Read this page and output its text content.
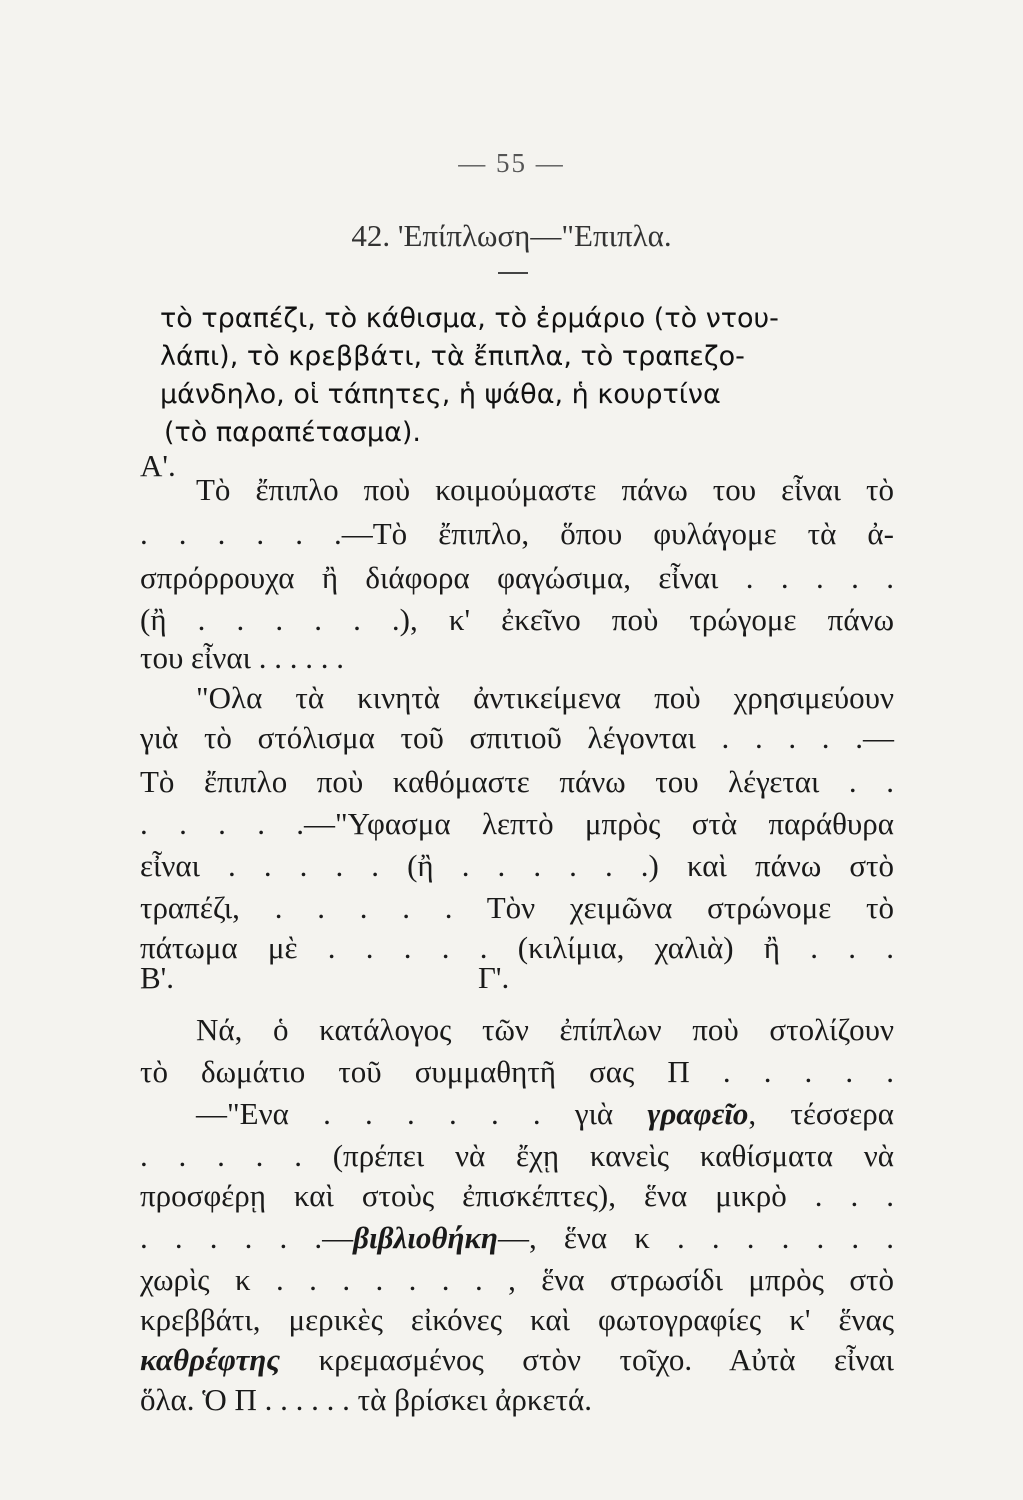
— 55 —
42. 'Επίπλωση—"Επιπλα.
τὸ τραπέζι, τὸ κάθισμα, τὸ ἐρμάριο (τὸ ντου-
λάπι), τὸ κρεββάτι, τὰ ἔπιπλα, τὸ τραπεζο-
μάνδηλο, οἱ τάπητες, ἡ ψάθα, ἡ κουρτίνα
(τὸ παραπέτασμα).
Α'.
Τὸ ἔπιπλο ποὺ κοιμούμαστε πάνω του εἶναι τὸ
. . . . . .—Τὸ ἔπιπλο, ὅπου φυλάγομε τὰ ἀ-
σπρόρρουχα ἢ διάφορα φαγώσιμα, εἶναι . . . . .
(ἢ . . . . . .), κ' ἐκεῖνο ποὺ τρώγομε πάνω
του εἶναι . . . . . .
"Ολα τὰ κινητὰ ἀντικείμενα ποὺ χρησιμεύουν
γιὰ τὸ στόλισμα τοῦ σπιτιοῦ λέγονται . . . . .—
Τὸ ἔπιπλο ποὺ καθόμαστε πάνω του λέγεται . .
. . . . .—"Υφασμα λεπτὸ μπρὸς στὰ παράθυρα
εἶναι . . . . . (ἢ . . . . . .) καὶ πάνω στὸ
τραπέζι, . . . . . Τὸν χειμῶνα στρώνομε τὸ
πάτωμα μὲ . . . . . (κιλίμια, χαλιὰ) ἢ . . .
Β'.	Γ'.
Νά, ὁ κατάλογος τῶν ἐπίπλων ποὺ στολίζουν
τὸ δωμάτιο τοῦ συμμαθητῆ σας Π . . . . .
—"Ενα . . . . . . γιὰ γραφεῖο, τέσσερα
. . . . . (πρέπει νὰ ἔχῃ κανεὶς καθίσματα νὰ
προσφέρῃ καὶ στοὺς ἐπισκέπτες), ἕνα μικρὸ . . .
. . . . . .—βιβλιοθήκη—, ἕνα κ . . . . . . .
χωρὶς κ . . . . . . . , ἕνα στρωσίδι μπρὸς στὸ
κρεββάτι, μερικὲς εἰκόνες καὶ φωτογραφίες κ' ἕνας
καθρέφτης κρεμασμένος στὸν τοῖχο. Αὐτὰ εἶναι
ὅλα. Ὁ Π . . . . . . τὰ βρίσκει ἀρκετά.
